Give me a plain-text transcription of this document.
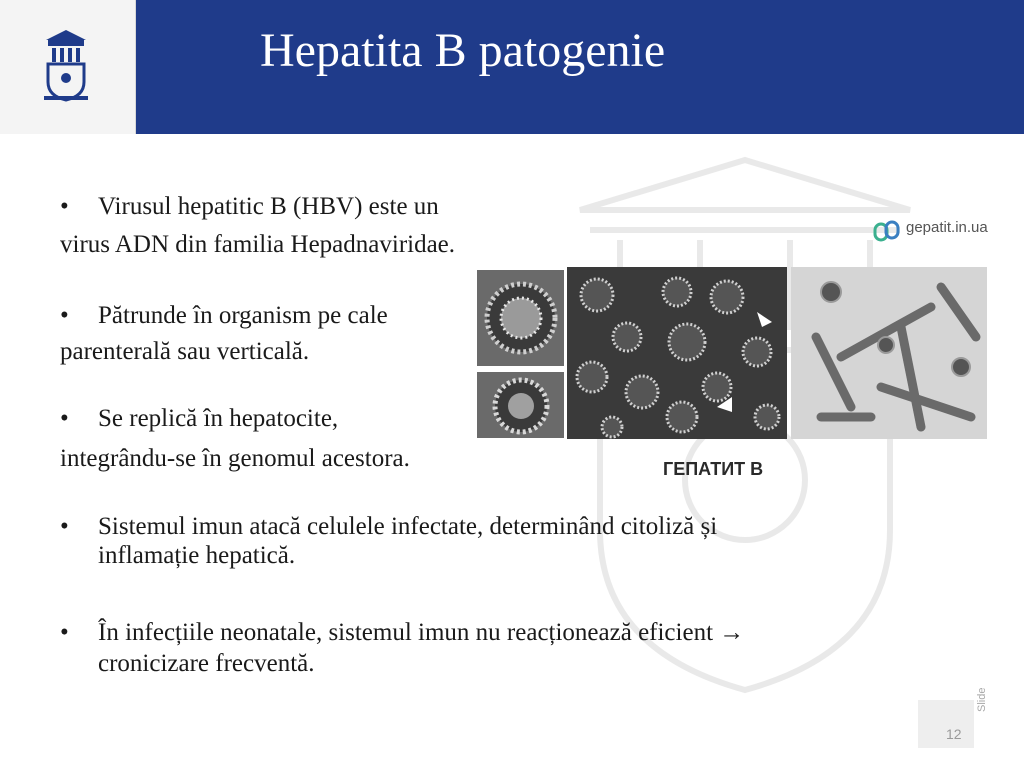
Hepatita B patogenie
• Virusul hepatitic B (HBV) este un
virus ADN din familia Hepadnaviridae.
• Pătrunde în organism pe cale
parenterală sau verticală.
• Se replică în hepatocite,
integrându-se în genomul acestora.
• Sistemul imun atacă celulele infectate, determinând citoliză și
inflamație hepatică.
• În infecțiile neonatale, sistemul imun nu reacționează eficient →
cronicizare frecventă.
gepatit.in.ua
ГЕПАТИТ В
12
Slide
